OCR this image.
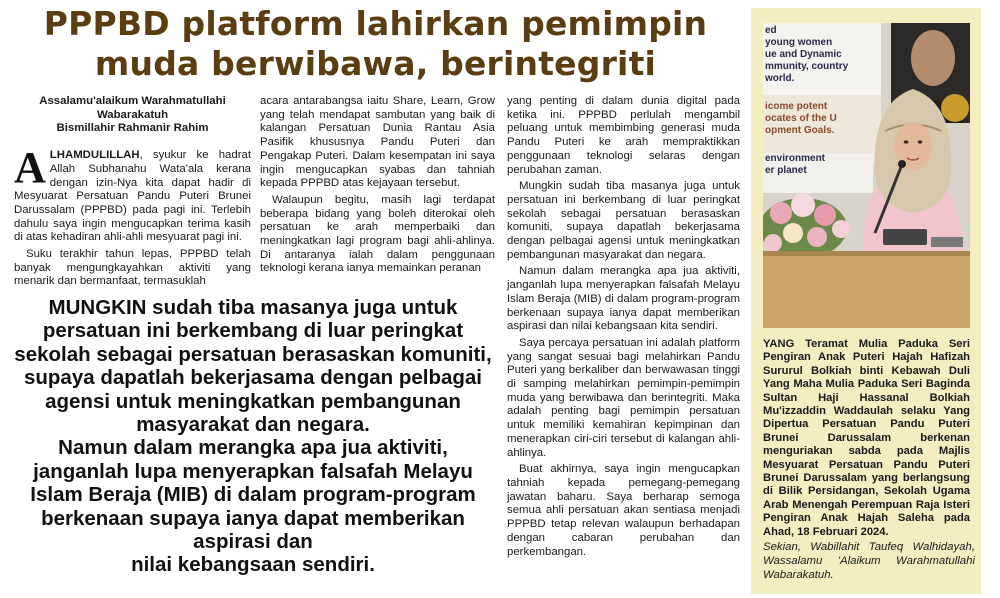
PPPBD platform lahirkan pemimpin
muda berwibawa, berintegriti
Assalamu'alaikum Warahmatullahi
Wabarakatuh
Bismillahir Rahmanir Rahim

ALHAMDULILLAH, syukur ke hadrat Allah Subhanahu Wata'ala kerana dengan izin-Nya kita dapat hadir di Mesyuarat Persatuan Pandu Puteri Brunei Darussalam (PPPBD) pada pagi ini. Terlebih dahulu saya ingin mengucapkan terima kasih di atas kehadiran ahli-ahli mesyuarat pagi ini.

Suku terakhir tahun lepas, PPPBD telah banyak mengungkayahkan aktiviti yang menarik dan bermanfaat, termasuklah

acara antarabangsa iaitu Share, Learn, Grow yang telah mendapat sambutan yang baik di kalangan Persatuan Dunia Rantau Asia Pasifik khususnya Pandu Puteri dan Pengakap Puteri. Dalam kesempatan ini saya ingin mengucapkan syabas dan tahniah kepada PPPBD atas kejayaan tersebut.

Walaupun begitu, masih lagi terdapat beberapa bidang yang boleh diterokai oleh persatuan ke arah memperbaiki dan meningkatkan lagi program bagi ahli-ahlinya. Di antaranya ialah dalam penggunaan teknologi kerana ianya memainkan peranan

yang penting di dalam dunia digital pada ketika ini. PPPBD perlulah mengambil peluang untuk membimbing generasi muda Pandu Puteri ke arah mempraktikkan penggunaan teknologi selaras dengan perubahan zaman.

Mungkin sudah tiba masanya juga untuk persatuan ini berkembang di luar peringkat sekolah sebagai persatuan berasaskan komuniti, supaya dapatlah bekerjasama dengan pelbagai agensi untuk meningkatkan pembangunan masyarakat dan negara.

Namun dalam merangka apa jua aktiviti, janganlah lupa menyerapkan falsafah Melayu Islam Beraja (MIB) di dalam program-program berkenaan supaya ianya dapat memberikan aspirasi dan nilai kebangsaan kita sendiri.

Saya percaya persatuan ini adalah platform yang sangat sesuai bagi melahirkan Pandu Puteri yang berkaliber dan berwawasan tinggi di samping melahirkan pemimpin-pemimpin muda yang berwibawa dan berintegriti. Maka adalah penting bagi pemimpin persatuan untuk memiliki kemahiran kepimpinan dan menerapkan ciri-ciri tersebut di kalangan ahli-ahlinya.

Buat akhirnya, saya ingin mengucapkan tahniah kepada pemegang-pemegang jawatan baharu. Saya berharap semoga semua ahli persatuan akan sentiasa menjadi PPPBD tetap relevan walaupun berhadapan dengan cabaran perubahan dan perkembangan.

MUNGKIN sudah tiba masanya juga untuk
persatuan ini berkembang di luar peringkat
sekolah sebagai persatuan berasaskan komuniti,
supaya dapatlah bekerjasama dengan pelbagai
agensi untuk meningkatkan pembangunan
masyarakat dan negara.
Namun dalam merangka apa jua aktiviti,
janganlah lupa menyerapkan falsafah Melayu
Islam Beraja (MIB) di dalam program-program
berkenaan supaya ianya dapat memberikan
aspirasi dan
nilai kebangsaan sendiri.
ed
young women
ue and Dynamic
mmunity, country
world.
icome potent
ocates of the U
opment Goals.
environment
er planet
YANG Teramat Mulia Paduka Seri Pengiran Anak Puteri Hajah Hafizah Sururul Bolkiah binti Kebawah Duli Yang Maha Mulia Paduka Seri Baginda Sultan Haji Hassanal Bolkiah Mu'izzaddin Waddaulah selaku Yang Dipertua Persatuan Pandu Puteri Brunei Darussalam berkenan menguriakan sabda pada Majlis Mesyuarat Persatuan Pandu Puteri Brunei Darussalam yang berlangsung di Bilik Persidangan, Sekolah Ugama Arab Menengah Perempuan Raja Isteri Pengiran Anak Hajah Saleha pada Ahad, 18 Februari 2024.
Sekian, Wabillahit Taufeq Walhidayah, Wassalamu 'Alaikum Warahmatullahi Wabarakatuh.
